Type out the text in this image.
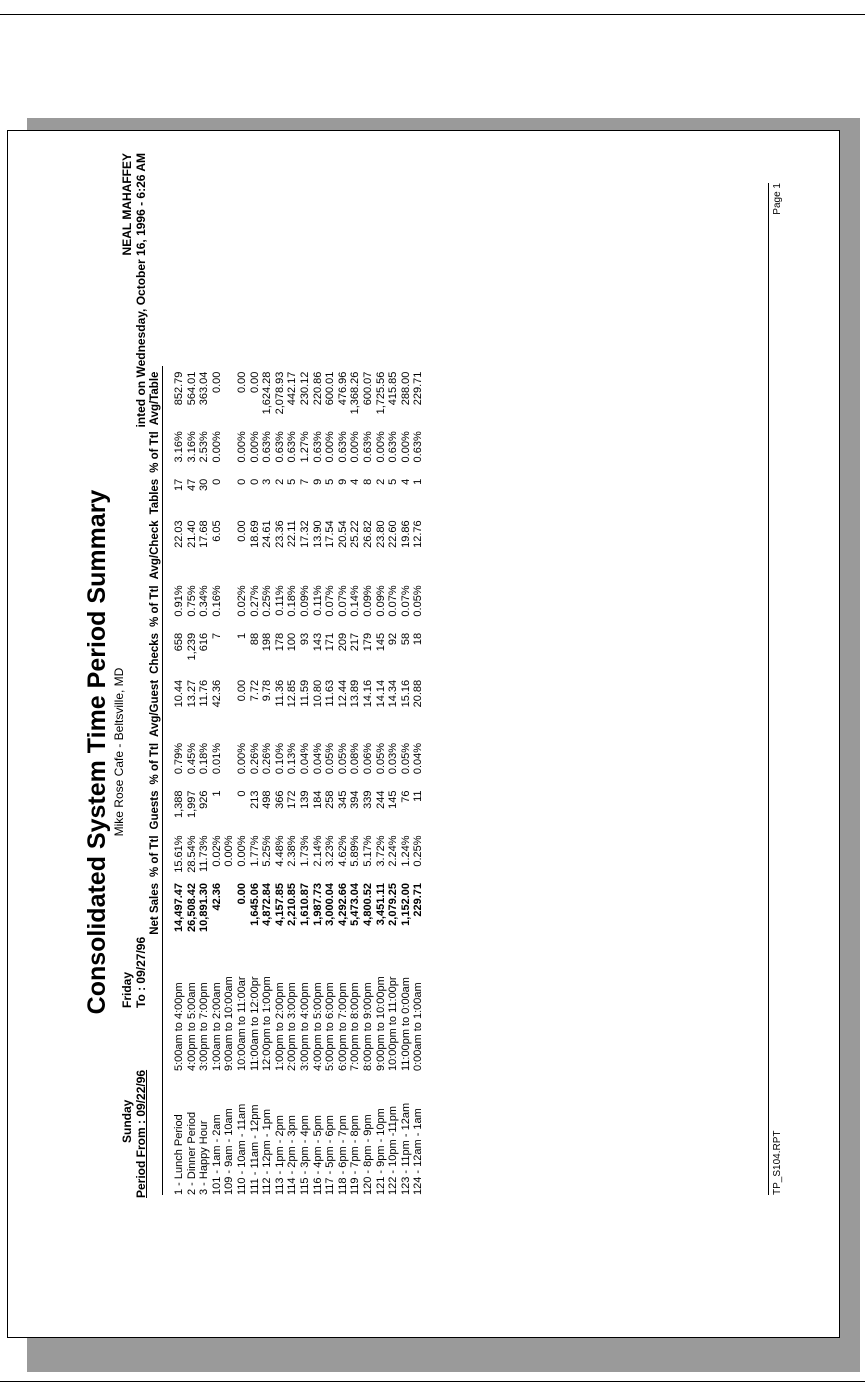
Consolidated System Time Period Summary Mike Rose Cafe - Beltsville, MD

Sunday
Friday
Period From : 09/22/96
To : 09/27/96
NEAL MAHAFFEY inted on Wednesday, October 16, 1996 - 6:26 AM
		Net Sales	% of Ttl	Guests	% of Ttl	Avg/Guest	Checks	% of Ttl	Avg/Check	Tables	% of Ttl	Avg/Table

1 - Lunch Period	5:00am to 4:00pm	14,497.47	15.61%	1,388	0.79%	10.44	658	0.91%	22.03	17	3.16%	852.79
2 - Dinner Period	4:00pm to 5:00am	26,508.42	28.54%	1,997	0.45%	13.27	1,239	0.75%	21.40	47	3.16%	564.01
3 - Happy Hour	3:00pm to 7:00pm	10,891.30	11.73%	926	0.18%	11.76	616	0.34%	17.68	30	2.53%	363.04
101 - 1am - 2am	1:00am to 2:00am	42.36	0.02%	1	0.01%	42.36	7	0.16%	6.05	0	0.00%	0.00

109 - 9am - 10am	9:00am to 10:00am		0.00%									
110 - 10am - 11am	10:00am to 11:00ar	0.00	0.00%	0	0.00%	0.00	1	0.02%	0.00	0	0.00%	0.00
111 - 11am - 12pm	11:00am to 12:00pr	1,645.06	1.77%	213	0.26%	7.72	88	0.27%	18.69	0	0.00%	0.00
112 - 12pm - 1pm	12:00pm to 1:00pm	4,872.84	5.25%	498	0.26%	9.78	198	0.25%	24.61	3	0.63%	1,624.28
113 - 1pm - 2pm	1:00pm to 2:00pm	4,157.85	4.48%	366	0.10%	11.36	178	0.11%	23.36	2	0.63%	2,078.93
114 - 2pm - 3pm	2:00pm to 3:00pm	2,210.85	2.38%	172	0.13%	12.85	100	0.18%	22.11	5	0.63%	442.17
115 - 3pm - 4pm	3:00pm to 4:00pm	1,610.87	1.73%	139	0.04%	11.59	93	0.09%	17.32	7	1.27%	230.12
116 - 4pm - 5pm	4:00pm to 5:00pm	1,987.73	2.14%	184	0.04%	10.80	143	0.11%	13.90	9	0.63%	220.86
117 - 5pm - 6pm	5:00pm to 6:00pm	3,000.04	3.23%	258	0.05%	11.63	171	0.07%	17.54	5	0.00%	600.01
118 - 6pm - 7pm	6:00pm to 7:00pm	4,292.66	4.62%	345	0.05%	12.44	209	0.07%	20.54	9	0.63%	476.96
119 - 7pm - 8pm	7:00pm to 8:00pm	5,473.04	5.89%	394	0.08%	13.89	217	0.14%	25.22	4	0.00%	1,368.26
120 - 8pm - 9pm	8:00pm to 9:00pm	4,800.52	5.17%	339	0.06%	14.16	179	0.09%	26.82	8	0.63%	600.07
121 - 9pm - 10pm	9:00pm to 10:00pm	3,451.11	3.72%	244	0.05%	14.14	145	0.09%	23.80	2	0.00%	1,725.56
122 - 10pm -11pm	10:00pm to 11:00pr	2,079.25	2.24%	145	0.03%	14.34	92	0.07%	22.60	5	0.63%	415.85
123 - 11pm - 12am	11:00pm to 0:00am	1,152.00	1.24%	76	0.05%	15.16	58	0.07%	19.86	4	0.00%	288.00
124 - 12am - 1am	0:00am to 1:00am	229.71	0.25%	11	0.04%	20.88	18	0.05%	12.76	1	0.63%	229.71
TP_S104.RPT
Page 1
